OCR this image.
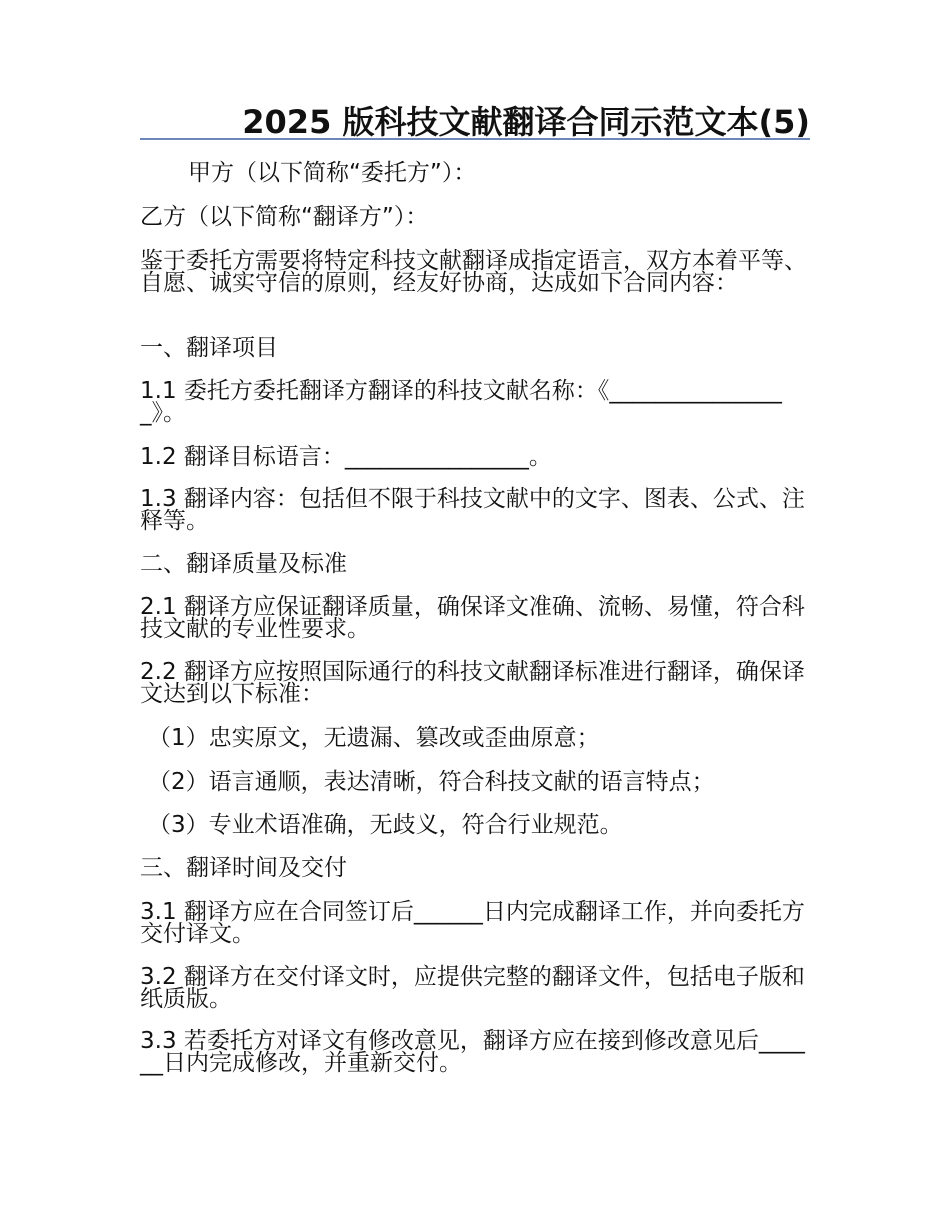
2025 版科技文献翻译合同示范文本(5)
甲方（以下简称“委托方”）：
乙方（以下简称“翻译方”）：
鉴于委托方需要将特定科技文献翻译成指定语言，双方本着平等、自愿、诚实守信的原则，经友好协商，达成如下合同内容：
一、翻译项目
1.1 委托方委托翻译方翻译的科技文献名称：《________________》。
1.2 翻译目标语言：________________。
1.3 翻译内容：包括但不限于科技文献中的文字、图表、公式、注释等。
二、翻译质量及标准
2.1 翻译方应保证翻译质量，确保译文准确、流畅、易懂，符合科技文献的专业性要求。
2.2 翻译方应按照国际通行的科技文献翻译标准进行翻译，确保译文达到以下标准：
（1）忠实原文，无遗漏、篡改或歪曲原意；
（2）语言通顺，表达清晰，符合科技文献的语言特点；
（3）专业术语准确，无歧义，符合行业规范。
三、翻译时间及交付
3.1 翻译方应在合同签订后______日内完成翻译工作，并向委托方交付译文。
3.2 翻译方在交付译文时，应提供完整的翻译文件，包括电子版和纸质版。
3.3 若委托方对译文有修改意见，翻译方应在接到修改意见后______日内完成修改，并重新交付。
